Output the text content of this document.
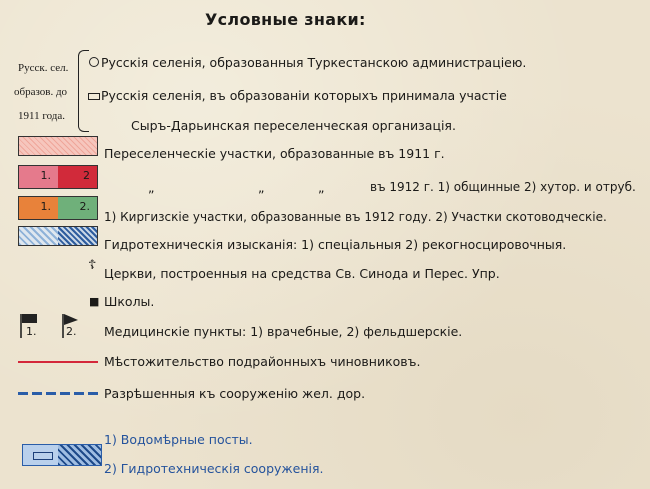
Условные знаки:
Русск. сел.
образов. до
1911 года.
Русскія селенія, образованныя Туркестанскою администраціею.
Русскія селенія, въ образованіи которыхъ принимала участіе
Сыръ-Дарьинская переселенческая организація.
Переселенческіе участки, образованные въ 1911 г.
1.	2
„	„	„	въ 1912 г. 1) общинные 2) хутор. и отруб.
1.	2.
1) Киргизскіе участки, образованные въ 1912 году. 2) Участки скотоводческіе.
Гидротехническія изысканія: 1) спеціальныя 2) рекогносцировочныя.
☦
Церкви, построенныя на средства Св. Синода и Перес. Упр.
■ Школы.
1.	2. Медицинскіе пункты: 1) врачебные, 2) фельдшерскіе.
Мѣстожительство подрайонныхъ чиновниковъ.
Разрѣшенныя къ сооруженію жел. дор.
1) Водомѣрные посты.
2) Гидротехническія сооруженія.
